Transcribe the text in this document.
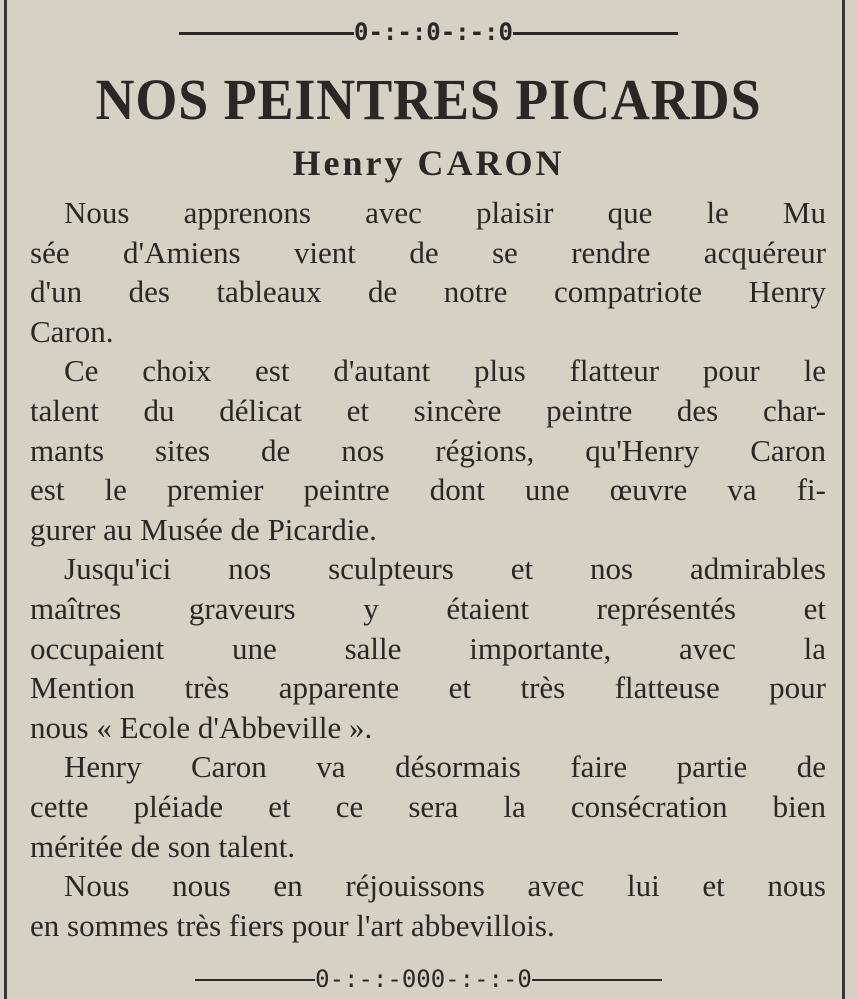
0-:-:0-:-:0
NOS PEINTRES PICARDS
Henry CARON
Nous apprenons avec plaisir que le Mu
sée d'Amiens vient de se rendre acquéreur
d'un des tableaux de notre compatriote Henry
Caron.
Ce choix est d'autant plus flatteur pour le
talent du délicat et sincère peintre des char-
mants sites de nos régions, qu'Henry Caron
est le premier peintre dont une œuvre va fi-
gurer au Musée de Picardie.
Jusqu'ici nos sculpteurs et nos admirables
maîtres graveurs y étaient représentés et
occupaient une salle importante, avec la
Mention très apparente et très flatteuse pour
nous « Ecole d'Abbeville ».
Henry Caron va désormais faire partie de
cette pléiade et ce sera la consécration bien
méritée de son talent.
Nous nous en réjouissons avec lui et nous
en sommes très fiers pour l'art abbevillois.
0-:-:-000-:-:-0
